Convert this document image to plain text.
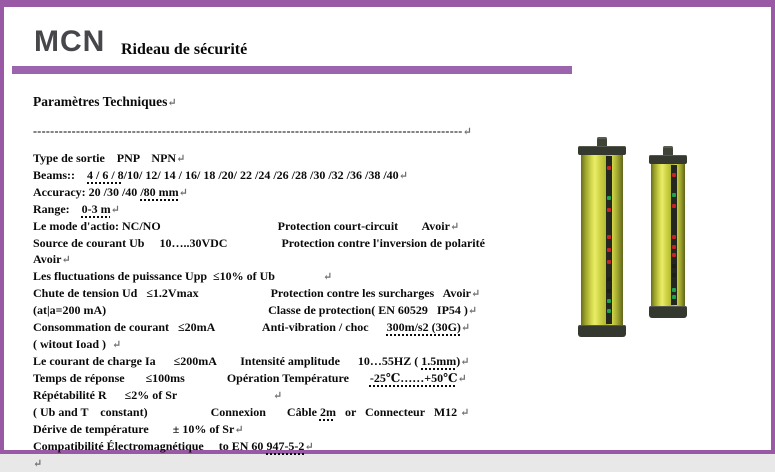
MCN Rideau de sécurité
Paramètres Techniques↵
----------------------------------------------------------------------------------------------------↵
Type de sortie    PNP    NPN↵
Beams::    4 / 6 / 8/10/ 12/ 14 / 16/ 18 /20/ 22 /24 /26 /28 /30 /32 /36 /38 /40↵
Accuracy: 20 /30 /40 /80 mm↵
Range:    0-3 m↵
Le mode d'actio: NC/NO                                       Protection court-circuit        Avoir↵
Source de courant Ub     10…..30VDC                  Protection contre l'inversion de polarité
Avoir↵
Les fluctuations de puissance Upp  ≤10% of Ub                ↵
Chute de tension Ud   ≤1.2Vmax                        Protection contre les surcharges   Avoir↵
(at|a=200 mA)                                                      Classe de protection( EN 60529   IP54 )↵
Consommation de courant   ≤20mA                Anti-vibration / choc      300m/s2 (30G)↵
( witout Ioad )  ↵
Le courant de charge Ia      ≤200mA        Intensité amplitude      10…55HZ ( 1.5mm)↵
Temps de réponse       ≤100ms              Opération Température       -25℃……+50℃↵
Répétabilité R      ≤2% of Sr                                ↵
( Ub and T    constant)                     Connexion       Câble 2m   or   Connecteur   M12 ↵
Dérive de température        ± 10% of Sr↵
Compatibilité Électromagnétique     to EN 60 947-5-2↵
↵
